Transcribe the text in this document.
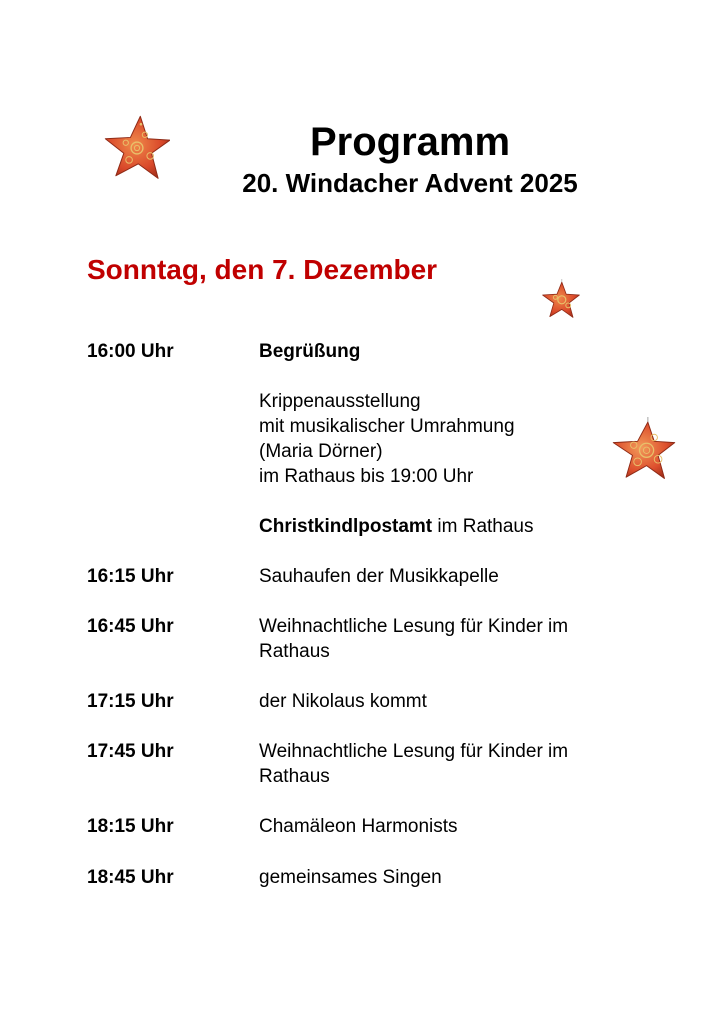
Programm
20. Windacher Advent 2025
Sonntag, den 7. Dezember
16:00 Uhr	Begrüßung
Krippenausstellung
mit musikalischer Umrahmung
(Maria Dörner)
im Rathaus bis 19:00 Uhr
Christkindlpostamt im Rathaus
16:15 Uhr	Sauhaufen der Musikkapelle
16:45 Uhr	Weihnachtliche Lesung für Kinder im
Rathaus
17:15 Uhr	der Nikolaus kommt
17:45 Uhr	Weihnachtliche Lesung für Kinder im
Rathaus
18:15 Uhr	Chamäleon Harmonists
18:45 Uhr	gemeinsames Singen
